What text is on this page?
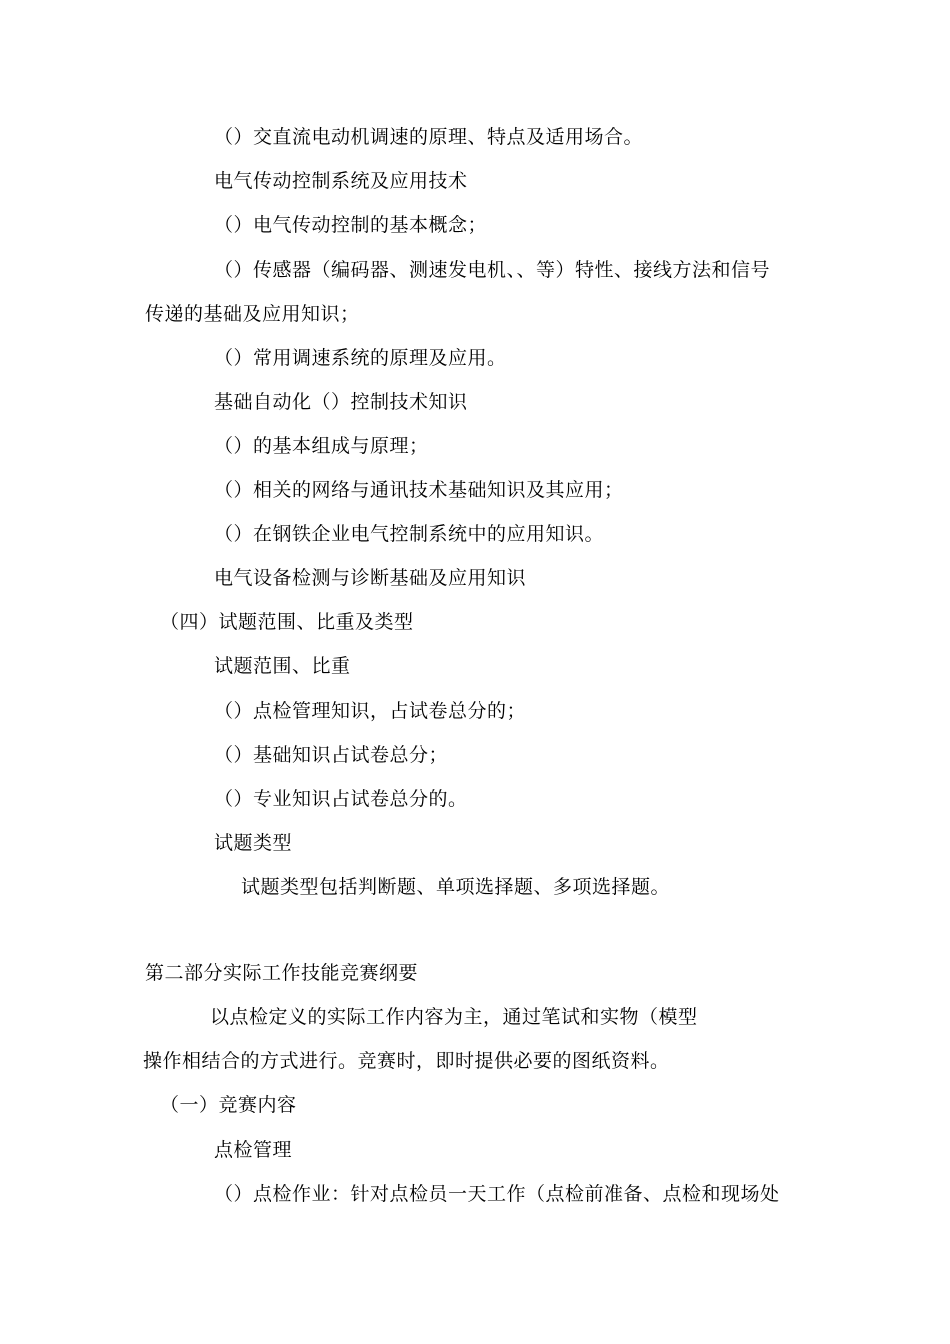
（）交直流电动机调速的原理、特点及适用场合。
电气传动控制系统及应用技术
（）电气传动控制的基本概念；
（）传感器（编码器、测速发电机、、等）特性、接线方法和信号
传递的基础及应用知识；
（）常用调速系统的原理及应用。
基础自动化（）控制技术知识
（）的基本组成与原理；
（）相关的网络与通讯技术基础知识及其应用；
（）在钢铁企业电气控制系统中的应用知识。
电气设备检测与诊断基础及应用知识
（四）试题范围、比重及类型
试题范围、比重
（）点检管理知识，占试卷总分的；
（）基础知识占试卷总分；
（）专业知识占试卷总分的。
试题类型
试题类型包括判断题、单项选择题、多项选择题。
第二部分实际工作技能竞赛纲要
以点检定义的实际工作内容为主，通过笔试和实物（模型
操作相结合的方式进行。竞赛时，即时提供必要的图纸资料。
（一）竞赛内容
点检管理
（）点检作业：针对点检员一天工作（点检前准备、点检和现场处
